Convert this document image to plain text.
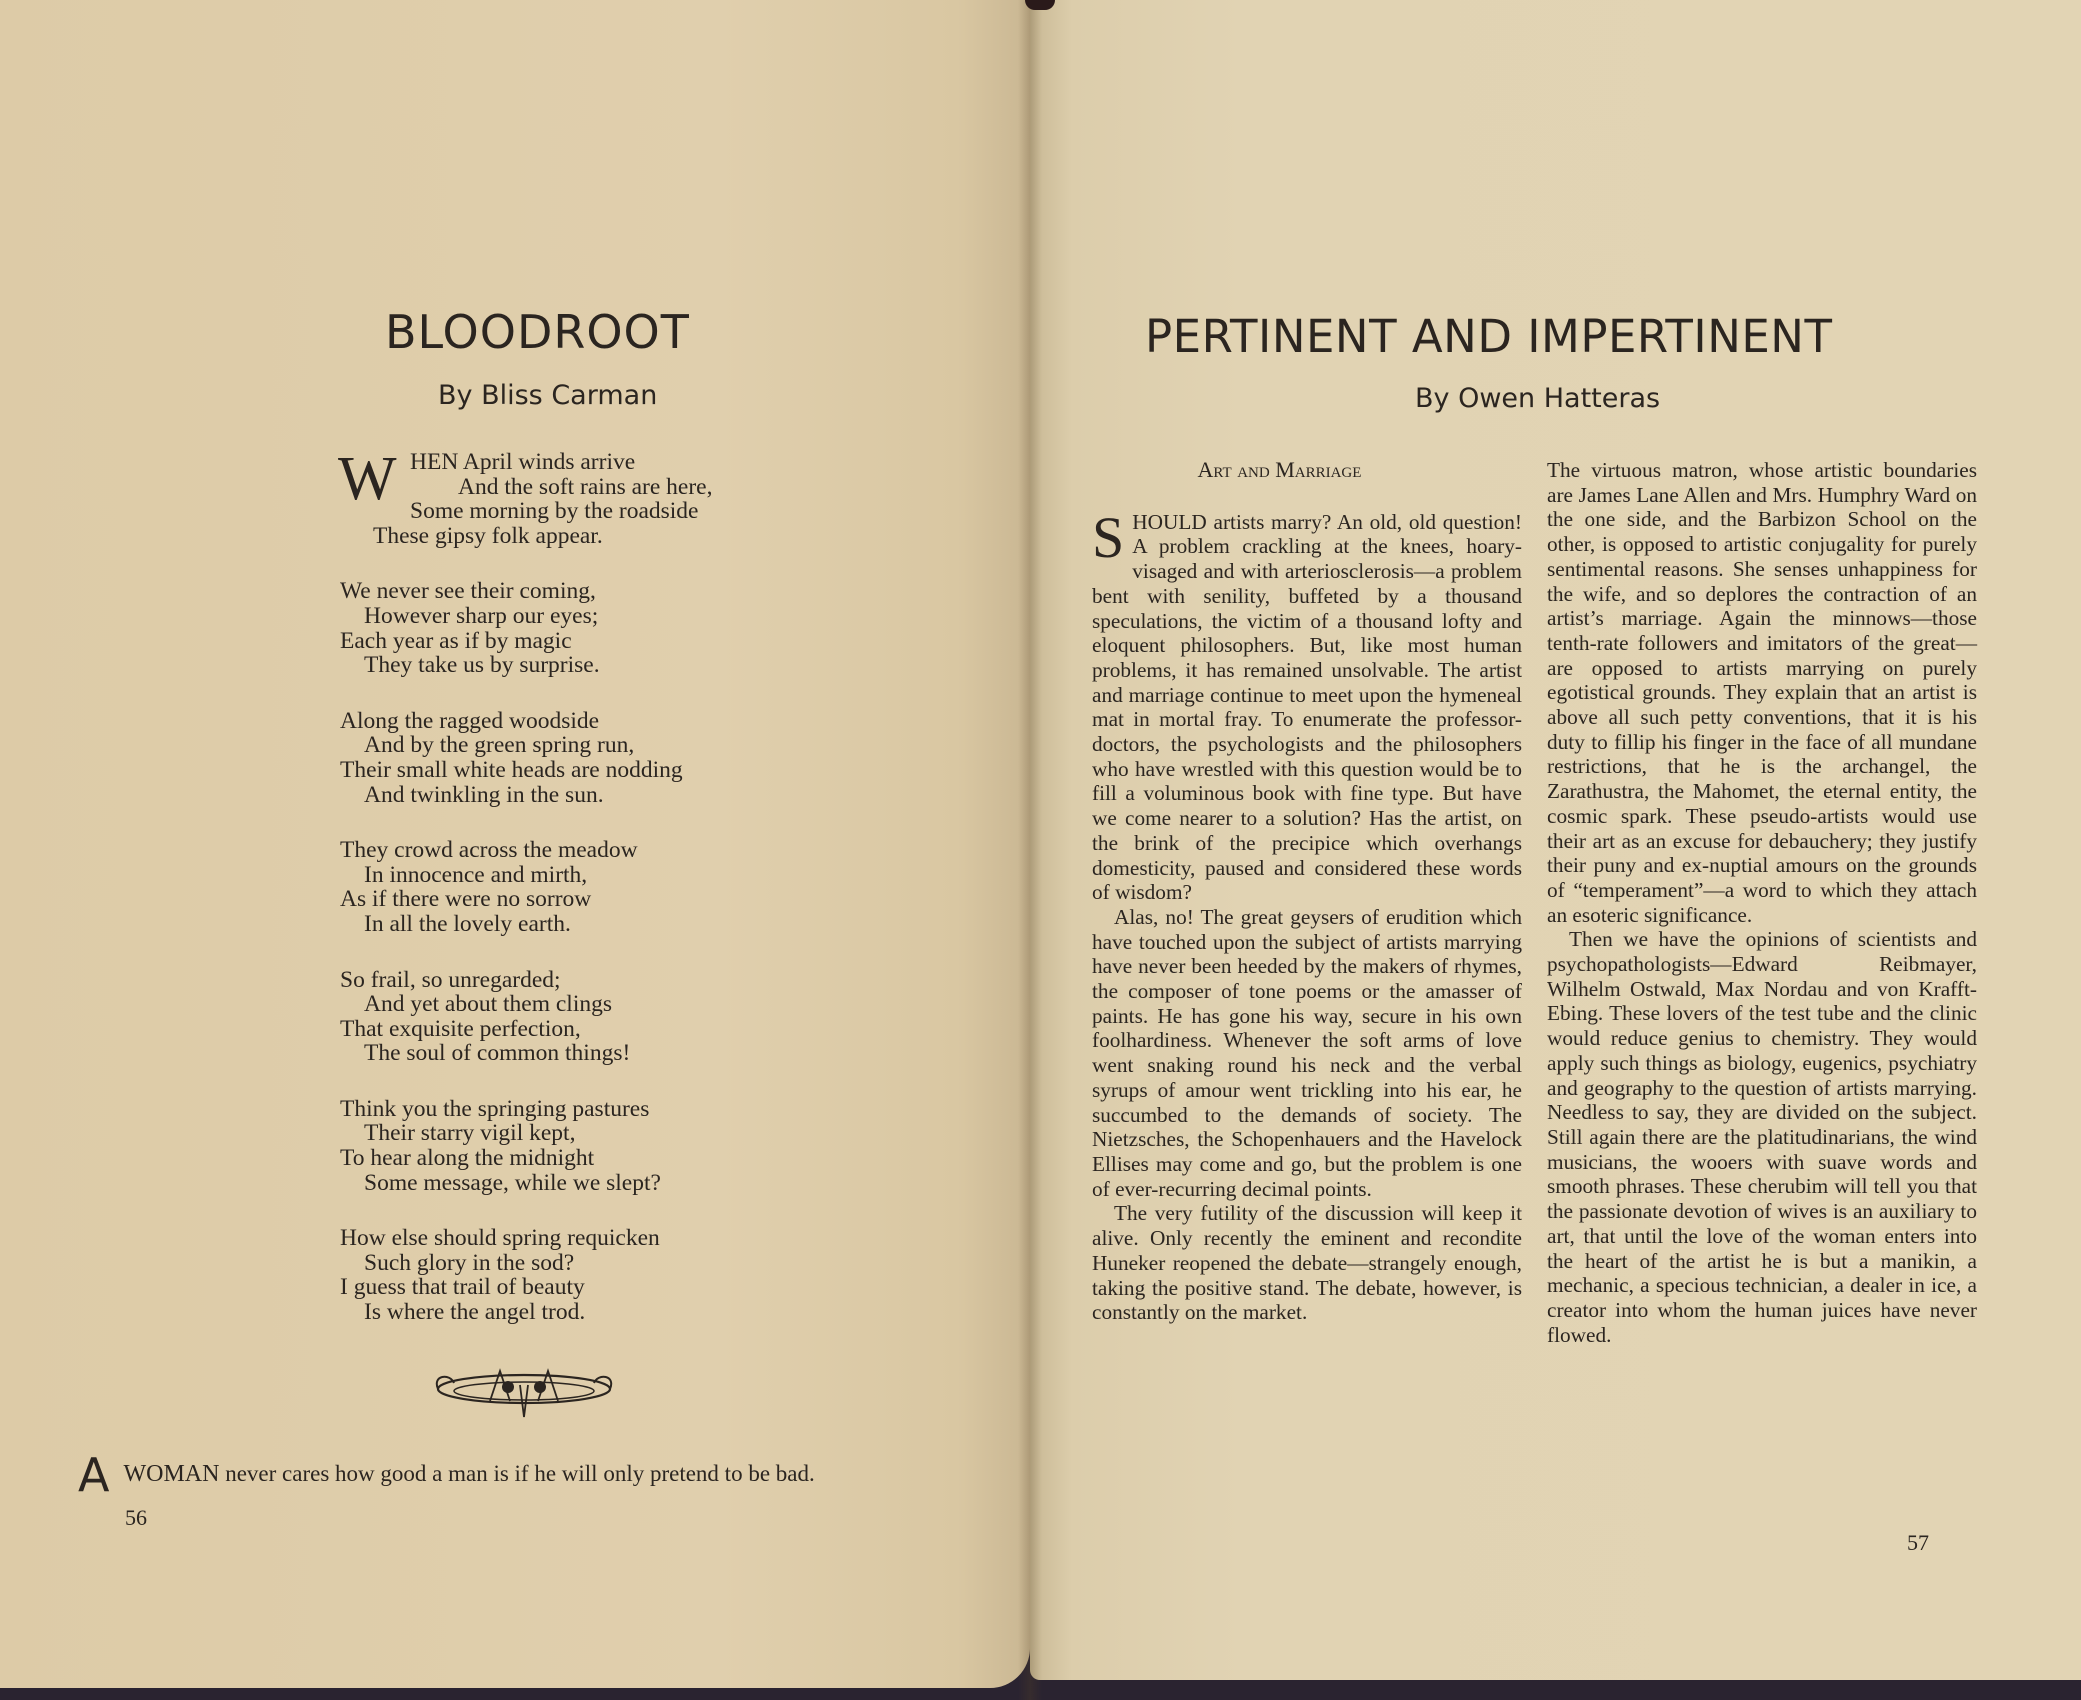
BLOODROOT
By Bliss Carman
W HEN April winds arrive
And the soft rains are here,
Some morning by the roadside
These gipsy folk appear.
We never see their coming,
However sharp our eyes;
Each year as if by magic
They take us by surprise.
Along the ragged woodside
And by the green spring run,
Their small white heads are nodding
And twinkling in the sun.
They crowd across the meadow
In innocence and mirth,
As if there were no sorrow
In all the lovely earth.
So frail, so unregarded;
And yet about them clings
That exquisite perfection,
The soul of common things!
Think you the springing pastures
Their starry vigil kept,
To hear along the midnight
Some message, while we slept?
How else should spring requicken
Such glory in the sod?
I guess that trail of beauty
Is where the angel trod.
AWOMAN never cares how good a man is if he will only pretend to be bad.
56
PERTINENT AND IMPERTINENT
By Owen Hatteras
Art and Marriage

SHOULD artists marry? An old, old question! A problem crackling at the knees, hoary-visaged and with arteriosclerosis—a problem bent with senility, buffeted by a thousand speculations, the victim of a thousand lofty and eloquent philosophers. But, like most human problems, it has remained unsolvable. The artist and marriage continue to meet upon the hymeneal mat in mortal fray. To enumerate the professor-doctors, the psychologists and the philosophers who have wrestled with this question would be to fill a voluminous book with fine type. But have we come nearer to a solution? Has the artist, on the brink of the precipice which overhangs domesticity, paused and considered these words of wisdom?

Alas, no! The great geysers of erudition which have touched upon the subject of artists marrying have never been heeded by the makers of rhymes, the composer of tone poems or the amasser of paints. He has gone his way, secure in his own foolhardiness. Whenever the soft arms of love went snaking round his neck and the verbal syrups of amour went trickling into his ear, he succumbed to the demands of society. The Nietzsches, the Schopenhauers and the Havelock Ellises may come and go, but the problem is one of ever-recurring decimal points.

The very futility of the discussion will keep it alive. Only recently the eminent and recondite Huneker reopened the debate—strangely enough, taking the positive stand. The debate, however, is constantly on the market.

The virtuous matron, whose artistic boundaries are James Lane Allen and Mrs. Humphry Ward on the one side, and the Barbizon School on the other, is opposed to artistic conjugality for purely sentimental reasons. She senses unhappiness for the wife, and so deplores the contraction of an artist’s marriage. Again the minnows—those tenth-rate followers and imitators of the great—are opposed to artists marrying on purely egotistical grounds. They explain that an artist is above all such petty conventions, that it is his duty to fillip his finger in the face of all mundane restrictions, that he is the archangel, the Zarathustra, the Mahomet, the eternal entity, the cosmic spark. These pseudo-artists would use their art as an excuse for debauchery; they justify their puny and ex-nuptial amours on the grounds of “temperament”—a word to which they attach an esoteric significance.

Then we have the opinions of scientists and psychopathologists—Edward Reibmayer, Wilhelm Ostwald, Max Nordau and von Krafft-Ebing. These lovers of the test tube and the clinic would reduce genius to chemistry. They would apply such things as biology, eugenics, psychiatry and geography to the question of artists marrying. Needless to say, they are divided on the subject. Still again there are the platitudinarians, the wind musicians, the wooers with suave words and smooth phrases. These cherubim will tell you that the passionate devotion of wives is an auxiliary to art, that until the love of the woman enters into the heart of the artist he is but a manikin, a mechanic, a specious technician, a dealer in ice, a creator into whom the human juices have never flowed.

57
